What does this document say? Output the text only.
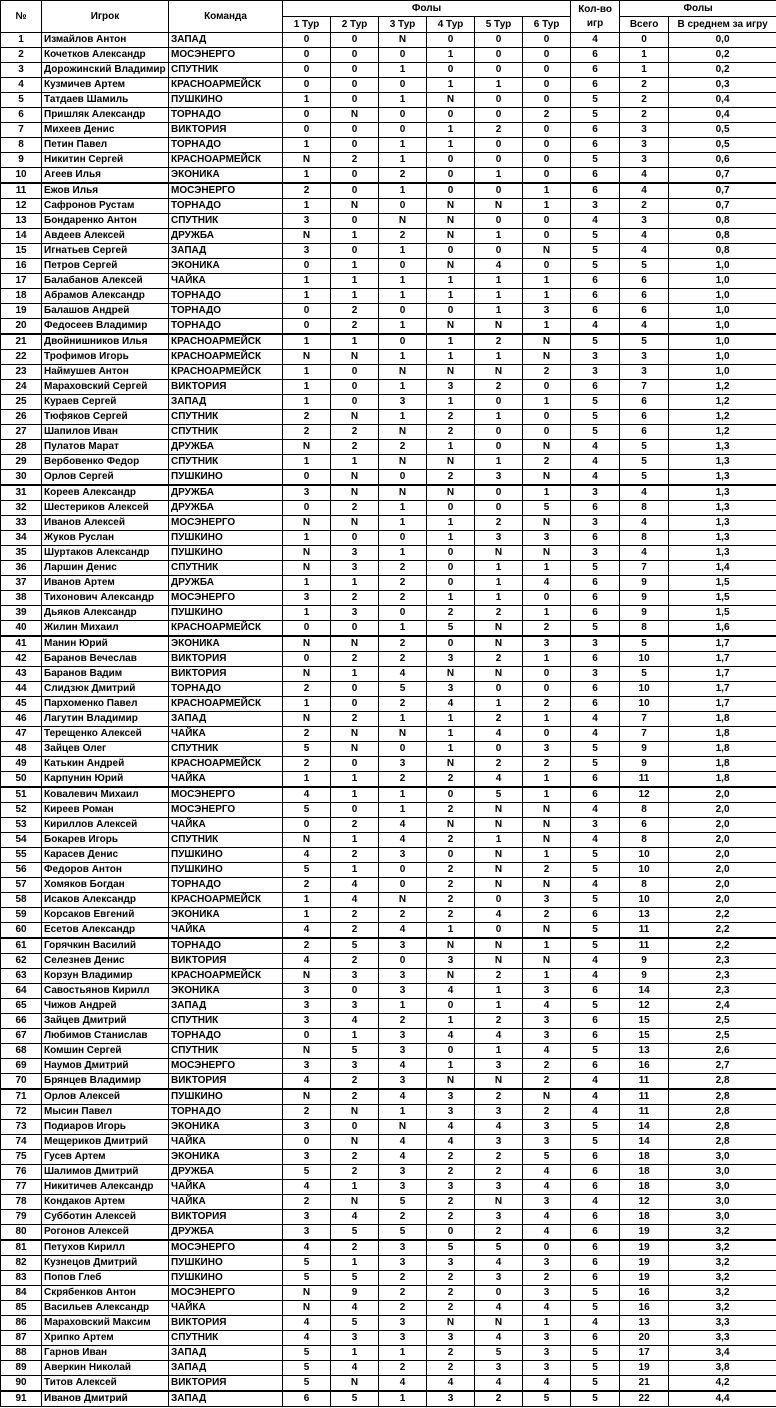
№	Игрок	Команда	Фолы						Кол-во игр	Фолы	
			1 Тур	2 Тур	3 Тур	4 Тур	5 Тур	6 Тур		Всего	В среднем за игру
1	Измайлов Антон	ЗАПАД	0	0	N	0	0	0	4	0	0,0
2	Кочетков Александр	МОСЭНЕРГО	0	0	0	1	0	0	6	1	0,2
3	Дорожинский Владимир	СПУТНИК	0	0	1	0	0	0	6	1	0,2
4	Кузмичев Артем	КРАСНОАРМЕЙСК	0	0	0	1	1	0	6	2	0,3
5	Татдаев Шамиль	ПУШКИНО	1	0	1	N	0	0	5	2	0,4
6	Пришляк Александр	ТОРНАДО	0	N	0	0	0	2	5	2	0,4
7	Михеев Денис	ВИКТОРИЯ	0	0	0	1	2	0	6	3	0,5
8	Петин Павел	ТОРНАДО	1	0	1	1	0	0	6	3	0,5
9	Никитин Сергей	КРАСНОАРМЕЙСК	N	2	1	0	0	0	5	3	0,6
10	Агеев Илья	ЭКОНИКА	1	0	2	0	1	0	6	4	0,7
11	Ежов Илья	МОСЭНЕРГО	2	0	1	0	0	1	6	4	0,7
12	Сафронов Рустам	ТОРНАДО	1	N	0	N	N	1	3	2	0,7
13	Бондаренко Антон	СПУТНИК	3	0	N	N	0	0	4	3	0,8
14	Авдеев Алексей	ДРУЖБА	N	1	2	N	1	0	5	4	0,8
15	Игнатьев Сергей	ЗАПАД	3	0	1	0	0	N	5	4	0,8
16	Петров Сергей	ЭКОНИКА	0	1	0	N	4	0	5	5	1,0
17	Балабанов Алексей	ЧАЙКА	1	1	1	1	1	1	6	6	1,0
18	Абрамов Александр	ТОРНАДО	1	1	1	1	1	1	6	6	1,0
19	Балашов Андрей	ТОРНАДО	0	2	0	0	1	3	6	6	1,0
20	Федосеев Владимир	ТОРНАДО	0	2	1	N	N	1	4	4	1,0
21	Двойнишников Илья	КРАСНОАРМЕЙСК	1	1	0	1	2	N	5	5	1,0
22	Трофимов Игорь	КРАСНОАРМЕЙСК	N	N	1	1	1	N	3	3	1,0
23	Наймушев Антон	КРАСНОАРМЕЙСК	1	0	N	N	N	2	3	3	1,0
24	Мараховский Сергей	ВИКТОРИЯ	1	0	1	3	2	0	6	7	1,2
25	Кураев Сергей	ЗАПАД	1	0	3	1	0	1	5	6	1,2
26	Тюфяков Сергей	СПУТНИК	2	N	1	2	1	0	5	6	1,2
27	Шапилов Иван	СПУТНИК	2	2	N	2	0	0	5	6	1,2
28	Пулатов Марат	ДРУЖБА	N	2	2	1	0	N	4	5	1,3
29	Вербовенко Федор	СПУТНИК	1	1	N	N	1	2	4	5	1,3
30	Орлов Сергей	ПУШКИНО	0	N	0	2	3	N	4	5	1,3
31	Кореев Александр	ДРУЖБА	3	N	N	N	0	1	3	4	1,3
32	Шестериков Алексей	ДРУЖБА	0	2	1	0	0	5	6	8	1,3
33	Иванов Алексей	МОСЭНЕРГО	N	N	1	1	2	N	3	4	1,3
34	Жуков Руслан	ПУШКИНО	1	0	0	1	3	3	6	8	1,3
35	Шуртаков Александр	ПУШКИНО	N	3	1	0	N	N	3	4	1,3
36	Ларшин Денис	СПУТНИК	N	3	2	0	1	1	5	7	1,4
37	Иванов Артем	ДРУЖБА	1	1	2	0	1	4	6	9	1,5
38	Тихонович Александр	МОСЭНЕРГО	3	2	2	1	1	0	6	9	1,5
39	Дьяков Александр	ПУШКИНО	1	3	0	2	2	1	6	9	1,5
40	Жилин Михаил	КРАСНОАРМЕЙСК	0	0	1	5	N	2	5	8	1,6
41	Манин Юрий	ЭКОНИКА	N	N	2	0	N	3	3	5	1,7
42	Баранов Вечеслав	ВИКТОРИЯ	0	2	2	3	2	1	6	10	1,7
43	Баранов Вадим	ВИКТОРИЯ	N	1	4	N	N	0	3	5	1,7
44	Слидзюк Дмитрий	ТОРНАДО	2	0	5	3	0	0	6	10	1,7
45	Пархоменко Павел	КРАСНОАРМЕЙСК	1	0	2	4	1	2	6	10	1,7
46	Лагутин Владимир	ЗАПАД	N	2	1	1	2	1	4	7	1,8
47	Терещенко Алексей	ЧАЙКА	2	N	N	1	4	0	4	7	1,8
48	Зайцев Олег	СПУТНИК	5	N	0	1	0	3	5	9	1,8
49	Катькин Андрей	КРАСНОАРМЕЙСК	2	0	3	N	2	2	5	9	1,8
50	Карпунин Юрий	ЧАЙКА	1	1	2	2	4	1	6	11	1,8
51	Ковалевич Михаил	МОСЭНЕРГО	4	1	1	0	5	1	6	12	2,0
52	Киреев Роман	МОСЭНЕРГО	5	0	1	2	N	N	4	8	2,0
53	Кириллов Алексей	ЧАЙКА	0	2	4	N	N	N	3	6	2,0
54	Бокарев Игорь	СПУТНИК	N	1	4	2	1	N	4	8	2,0
55	Карасев Денис	ПУШКИНО	4	2	3	0	N	1	5	10	2,0
56	Федоров Антон	ПУШКИНО	5	1	0	2	N	2	5	10	2,0
57	Хомяков Богдан	ТОРНАДО	2	4	0	2	N	N	4	8	2,0
58	Исаков Александр	КРАСНОАРМЕЙСК	1	4	N	2	0	3	5	10	2,0
59	Корсаков Евгений	ЭКОНИКА	1	2	2	2	4	2	6	13	2,2
60	Есетов Александр	ЧАЙКА	4	2	4	1	0	N	5	11	2,2
61	Горячкин Василий	ТОРНАДО	2	5	3	N	N	1	5	11	2,2
62	Селезнев Денис	ВИКТОРИЯ	4	2	0	3	N	N	4	9	2,3
63	Корзун Владимир	КРАСНОАРМЕЙСК	N	3	3	N	2	1	4	9	2,3
64	Савостьянов Кирилл	ЭКОНИКА	3	0	3	4	1	3	6	14	2,3
65	Чижов Андрей	ЗАПАД	3	3	1	0	1	4	5	12	2,4
66	Зайцев Дмитрий	СПУТНИК	3	4	2	1	2	3	6	15	2,5
67	Любимов Станислав	ТОРНАДО	0	1	3	4	4	3	6	15	2,5
68	Комшин Сергей	СПУТНИК	N	5	3	0	1	4	5	13	2,6
69	Наумов Дмитрий	МОСЭНЕРГО	3	3	4	1	3	2	6	16	2,7
70	Брянцев Владимир	ВИКТОРИЯ	4	2	3	N	N	2	4	11	2,8
71	Орлов Алексей	ПУШКИНО	N	2	4	3	2	N	4	11	2,8
72	Мысин Павел	ТОРНАДО	2	N	1	3	3	2	4	11	2,8
73	Подиаров Игорь	ЭКОНИКА	3	0	N	4	4	3	5	14	2,8
74	Мещериков Дмитрий	ЧАЙКА	0	N	4	4	3	3	5	14	2,8
75	Гусев Артем	ЭКОНИКА	3	2	4	2	2	5	6	18	3,0
76	Шалимов Дмитрий	ДРУЖБА	5	2	3	2	2	4	6	18	3,0
77	Никитичев Александр	ЧАЙКА	4	1	3	3	3	4	6	18	3,0
78	Кондаков Артем	ЧАЙКА	2	N	5	2	N	3	4	12	3,0
79	Субботин Алексей	ВИКТОРИЯ	3	4	2	2	3	4	6	18	3,0
80	Рогонов Алексей	ДРУЖБА	3	5	5	0	2	4	6	19	3,2
81	Петухов Кирилл	МОСЭНЕРГО	4	2	3	5	5	0	6	19	3,2
82	Кузнецов Дмитрий	ПУШКИНО	5	1	3	3	4	3	6	19	3,2
83	Попов Глеб	ПУШКИНО	5	5	2	2	3	2	6	19	3,2
84	Скрябенков Антон	МОСЭНЕРГО	N	9	2	2	0	3	5	16	3,2
85	Васильев Александр	ЧАЙКА	N	4	2	2	4	4	5	16	3,2
86	Мараховский Максим	ВИКТОРИЯ	4	5	3	N	N	1	4	13	3,3
87	Хрипко Артем	СПУТНИК	4	3	3	3	4	3	6	20	3,3
88	Гарнов Иван	ЗАПАД	5	1	1	2	5	3	5	17	3,4
89	Аверкин Николай	ЗАПАД	5	4	2	2	3	3	5	19	3,8
90	Титов Алексей	ВИКТОРИЯ	5	N	4	4	4	4	5	21	4,2
91	Иванов Дмитрий	ЗАПАД	6	5	1	3	2	5	5	22	4,4
